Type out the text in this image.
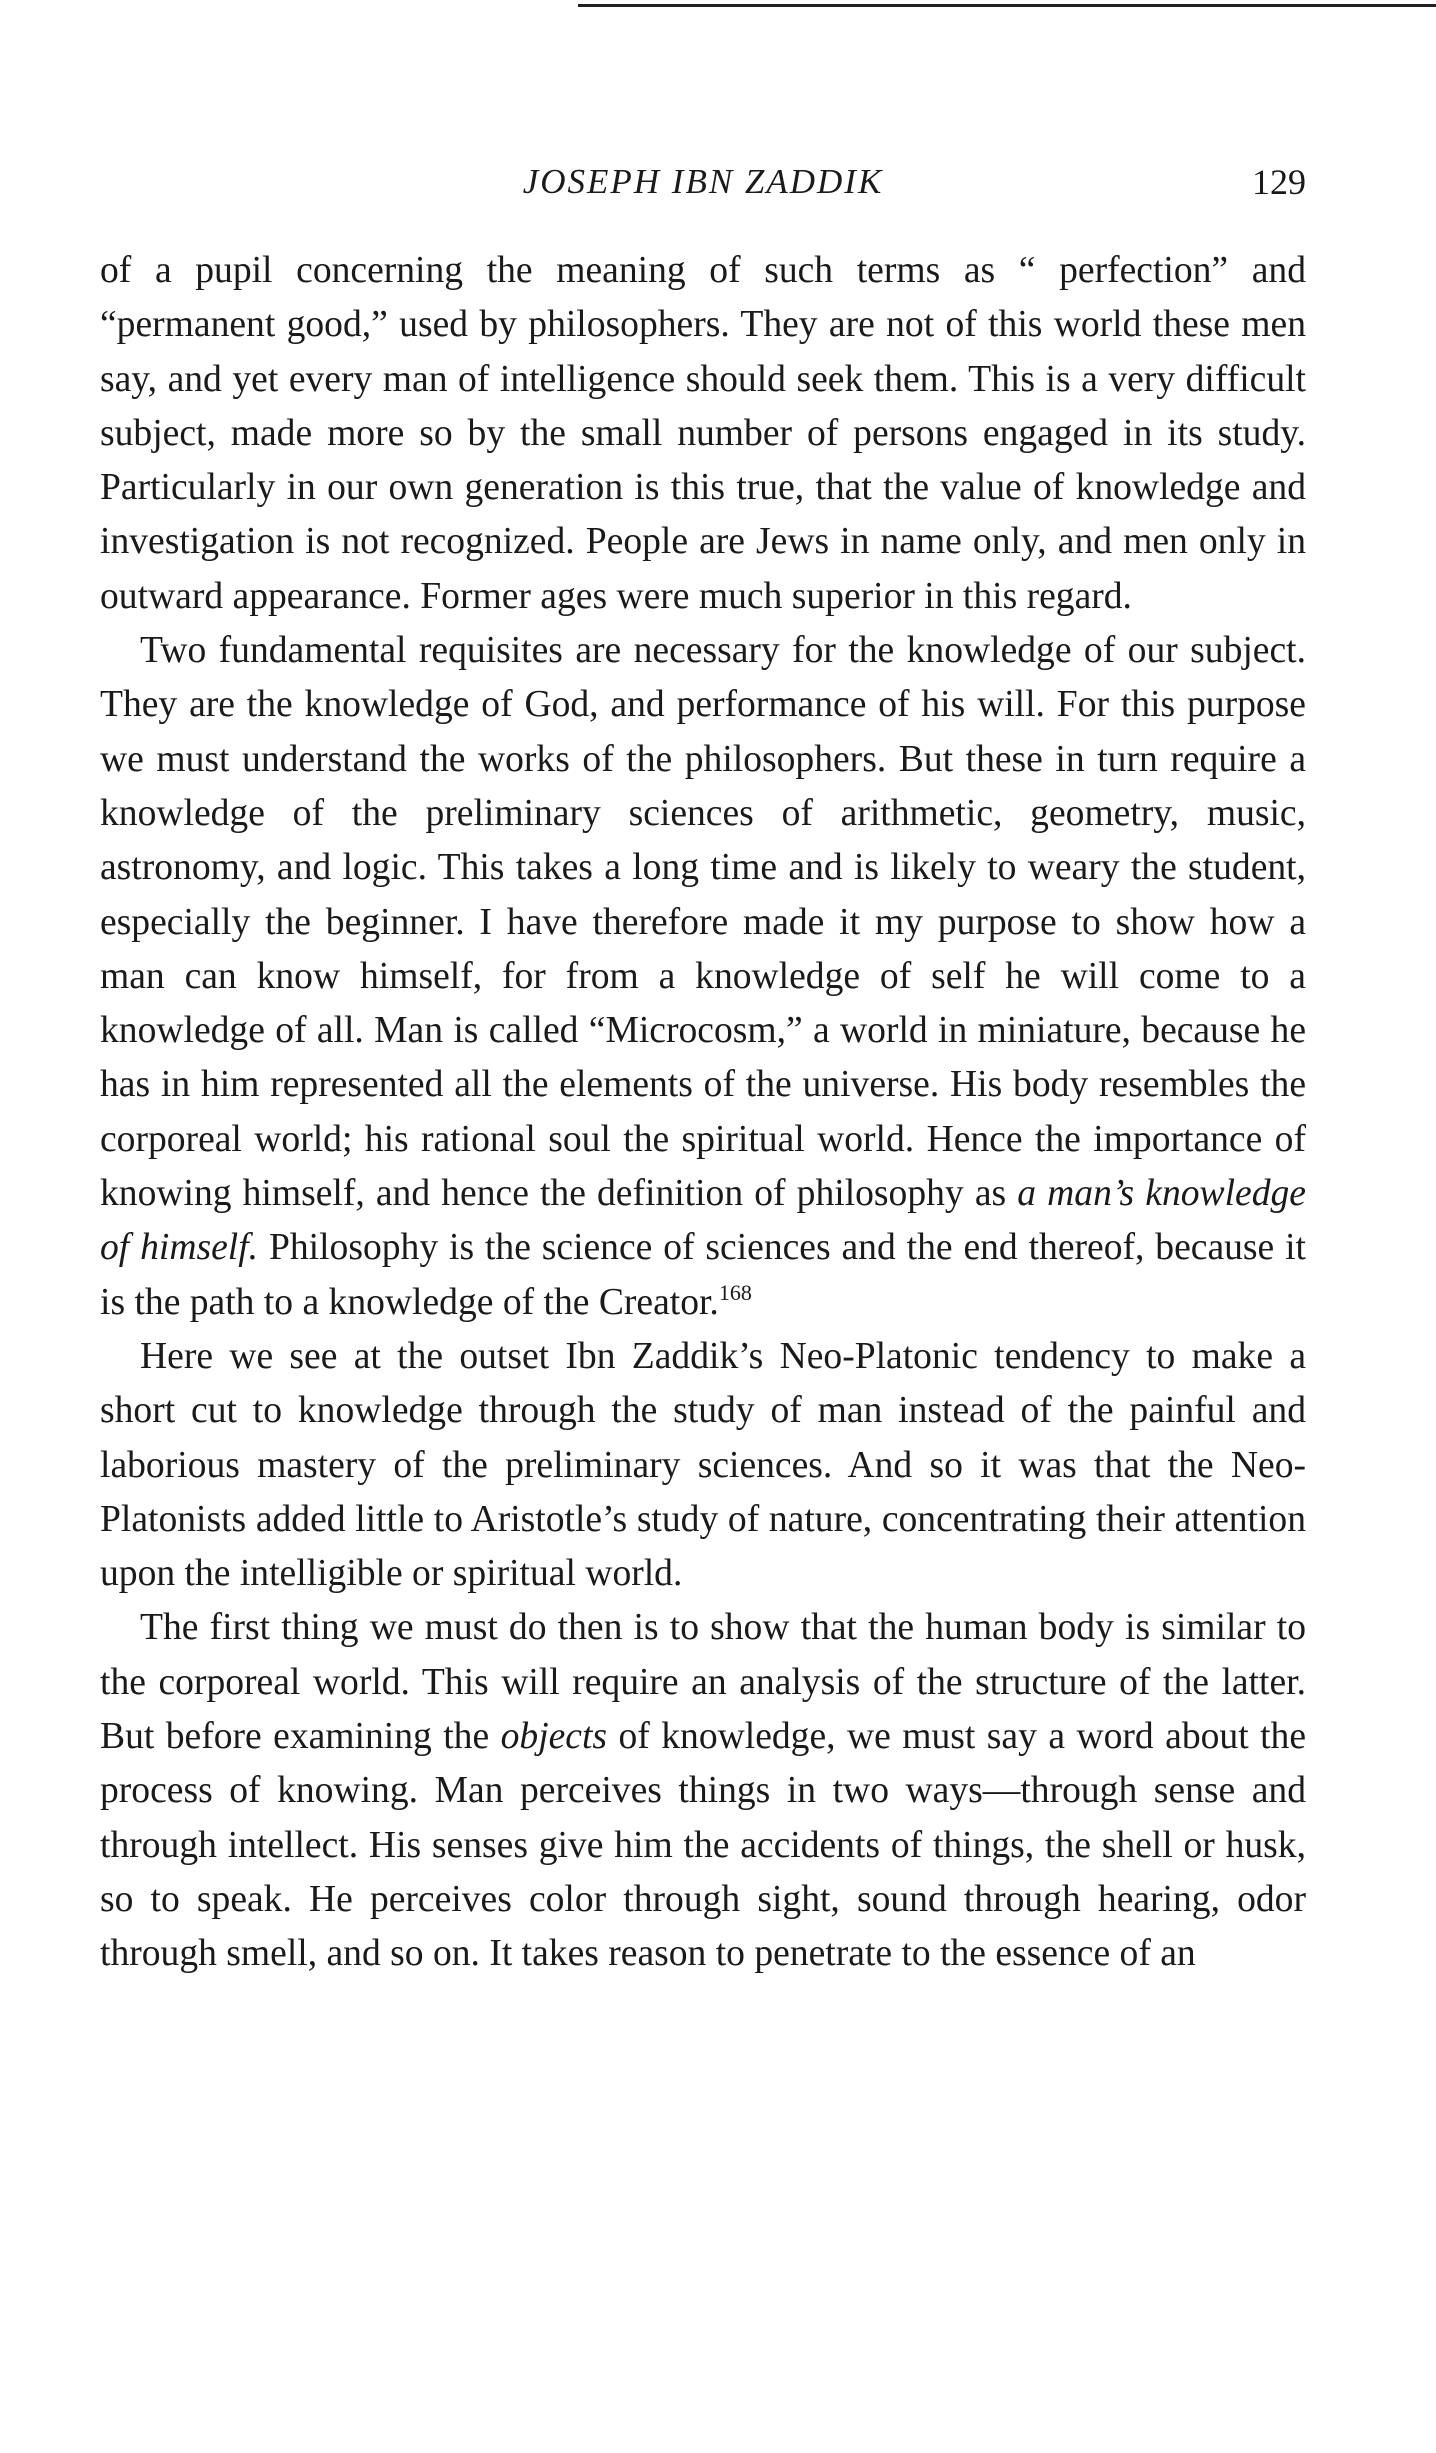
JOSEPH IBN ZADDIK	129

of a pupil concerning the meaning of such terms as “ perfection” and “permanent good,” used by philosophers. They are not of this world these men say, and yet every man of intelligence should seek them. This is a very difficult subject, made more so by the small number of persons engaged in its study. Particularly in our own generation is this true, that the value of knowledge and investigation is not recognized. People are Jews in name only, and men only in outward appearance. Former ages were much superior in this regard.

Two fundamental requisites are necessary for the knowledge of our subject. They are the knowledge of God, and performance of his will. For this purpose we must understand the works of the philosophers. But these in turn require a knowledge of the preliminary sciences of arithmetic, geometry, music, astronomy, and logic. This takes a long time and is likely to weary the student, especially the beginner. I have therefore made it my purpose to show how a man can know himself, for from a knowledge of self he will come to a knowledge of all. Man is called “Microcosm,” a world in miniature, because he has in him represented all the elements of the universe. His body resembles the corporeal world; his rational soul the spiritual world. Hence the importance of knowing himself, and hence the definition of philosophy as a man’s knowledge of himself. Philosophy is the science of sciences and the end thereof, because it is the path to a knowledge of the Creator.$^{168}$

Here we see at the outset Ibn Zaddik’s Neo-Platonic tendency to make a short cut to knowledge through the study of man instead of the painful and laborious mastery of the preliminary sciences. And so it was that the Neo-Platonists added little to Aristotle’s study of nature, concentrating their attention upon the intelligible or spiritual world.

The first thing we must do then is to show that the human body is similar to the corporeal world. This will require an analysis of the structure of the latter. But before examining the objects of knowledge, we must say a word about the process of knowing. Man perceives things in two ways—through sense and through intellect. His senses give him the accidents of things, the shell or husk, so to speak. He perceives color through sight, sound through hearing, odor through smell, and so on. It takes reason to penetrate to the essence of an
